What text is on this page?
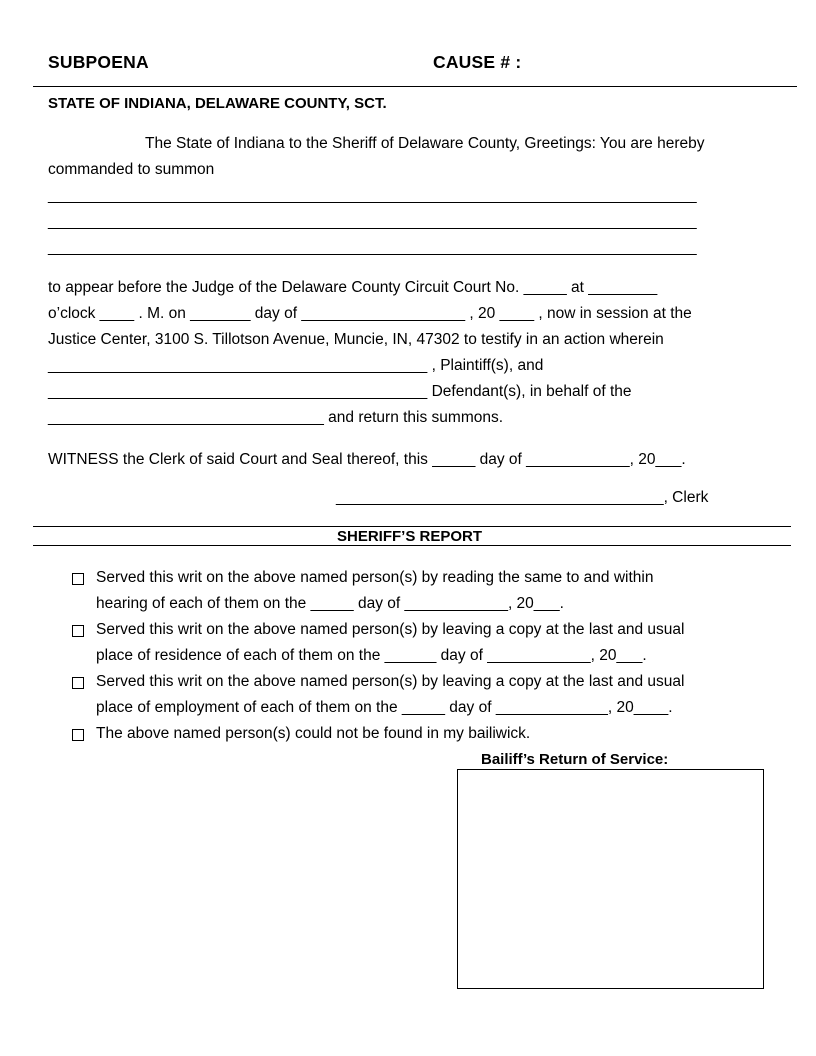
SUBPOENA	CAUSE # :
STATE OF INDIANA, DELAWARE COUNTY, SCT.
The State of Indiana to the Sheriff of Delaware County, Greetings: You are hereby
commanded to summon
_____________________________________________________________________________
_____________________________________________________________________________
_____________________________________________________________________________
to appear before the Judge of the Delaware County Circuit Court No. _____ at ________
o’clock ____ . M. on _______ day of ___________________ , 20 ____ , now in session at the
Justice Center, 3100 S. Tillotson Avenue, Muncie, IN, 47302 to testify in an action wherein
____________________________________________ , Plaintiff(s), and
____________________________________________ Defendant(s), in behalf of the
________________________________ and return this summons.
WITNESS the Clerk of said Court and Seal thereof, this _____ day of ____________, 20___.
______________________________________, Clerk
SHERIFF’S REPORT
Served this writ on the above named person(s) by reading the same to and within
hearing of each of them on the _____ day of ____________, 20___.
Served this writ on the above named person(s) by leaving a copy at the last and usual
place of residence of each of them on the ______ day of ____________, 20___.
Served this writ on the above named person(s) by leaving a copy at the last and usual
place of employment of each of them on the _____ day of _____________, 20____.
The above named person(s) could not be found in my bailiwick.
Bailiff’s Return of Service:
